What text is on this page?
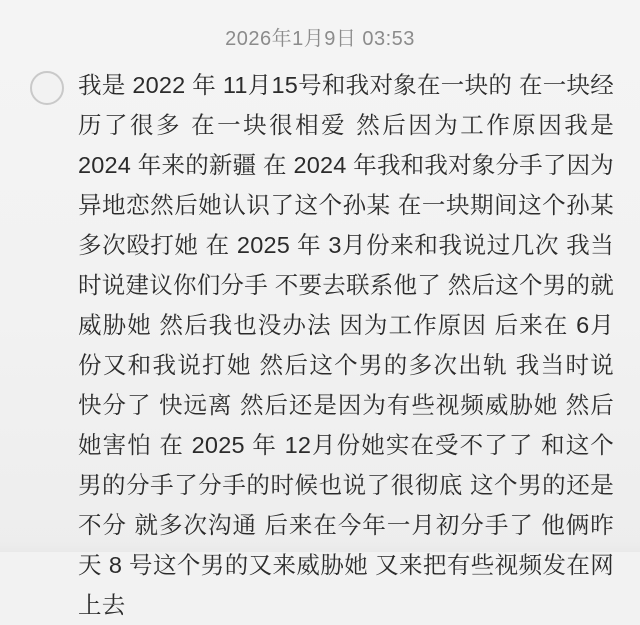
2026年1月9日 03:53
我是 2022 年 11月15号和我对象在一块的 在一块经历了很多 在一块很相爱 然后因为工作原因我是 2024 年来的新疆 在 2024 年我和我对象分手了因为异地恋然后她认识了这个孙某 在一块期间这个孙某多次殴打她 在 2025 年 3月份来和我说过几次 我当时说建议你们分手 不要去联系他了 然后这个男的就威胁她 然后我也没办法 因为工作原因 后来在 6月份又和我说打她 然后这个男的多次出轨 我当时说 快分了 快远离 然后还是因为有些视频威胁她 然后她害怕 在 2025 年 12月份她实在受不了了 和这个男的分手了分手的时候也说了很彻底 这个男的还是不分 就多次沟通 后来在今年一月初分手了 他俩昨天 8 号这个男的又来威胁她 又来把有些视频发在网上去
